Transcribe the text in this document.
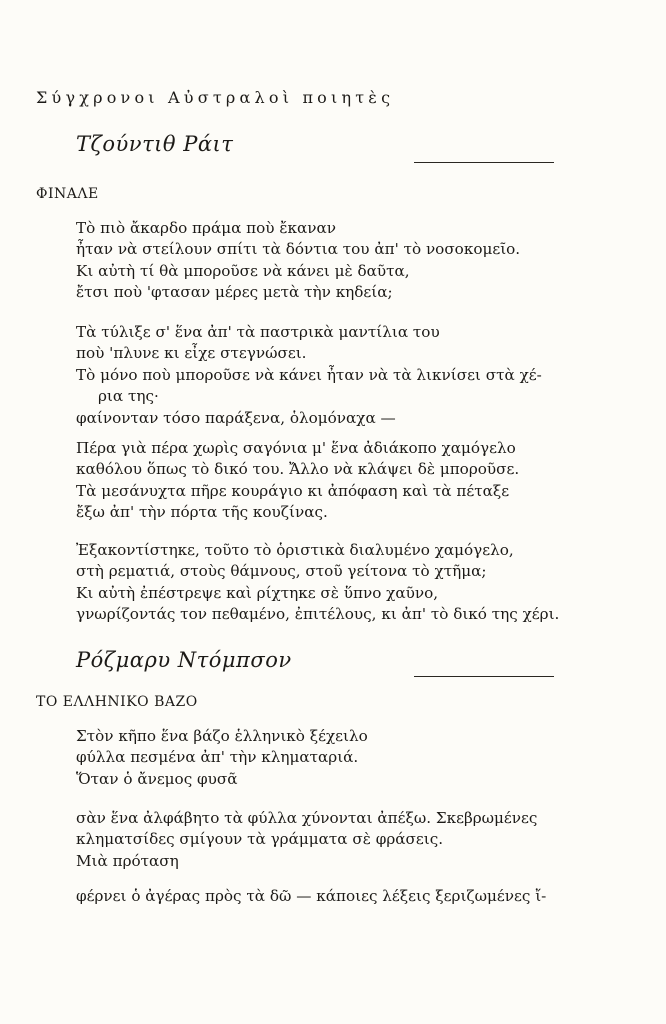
Σύγχρονοι Αὐστραλοὶ ποιητὲς
Τζούντιθ Ράιτ
ΦΙΝΑΛΕ
Τὸ πιὸ ἄκαρδο πράμα ποὺ ἔκαναν
ἦταν νὰ στείλουν σπίτι τὰ δόντια του ἀπ' τὸ νοσοκομεῖο.
Κι αὐτὴ τί θὰ μποροῦσε νὰ κάνει μὲ δαῦτα,
ἔτσι ποὺ 'φτασαν μέρες μετὰ τὴν κηδεία;
Τὰ τύλιξε σ' ἕνα ἀπ' τὰ παστρικὰ μαντίλια του
ποὺ 'πλυνε κι εἶχε στεγνώσει.
Τὸ μόνο ποὺ μποροῦσε νὰ κάνει ἦταν νὰ τὰ λικνίσει στὰ χέ-
ρια της·
φαίνονταν τόσο παράξενα, ὁλομόναχα —
Πέρα γιὰ πέρα χωρὶς σαγόνια μ' ἕνα ἀδιάκοπο χαμόγελο
καθόλου ὅπως τὸ δικό του. Ἄλλο νὰ κλάψει δὲ μποροῦσε.
Τὰ μεσάνυχτα πῆρε κουράγιο κι ἀπόφαση καὶ τὰ πέταξε
ἔξω ἀπ' τὴν πόρτα τῆς κουζίνας.
Ἐξακοντίστηκε, τοῦτο τὸ ὁριστικὰ διαλυμένο χαμόγελο,
στὴ ρεματιά, στοὺς θάμνους, στοῦ γείτονα τὸ χτῆμα;
Κι αὐτὴ ἐπέστρεψε καὶ ρίχτηκε σὲ ὕπνο χαῦνο,
γνωρίζοντάς τον πεθαμένο, ἐπιτέλους, κι ἀπ' τὸ δικό της χέρι.
Ρόζμαρυ Ντόμπσον
ΤΟ ΕΛΛΗΝΙΚΟ ΒΑΖΟ
Στὸν κῆπο ἕνα βάζο ἑλληνικὸ ξέχειλο
φύλλα πεσμένα ἀπ' τὴν κληματαριά.
Ὅταν ὁ ἄνεμος φυσᾶ
σὰν ἕνα ἀλφάβητο τὰ φύλλα χύνονται ἀπέξω. Σκεβρωμένες
κληματσίδες σμίγουν τὰ γράμματα σὲ φράσεις.
Μιὰ πρόταση
φέρνει ὁ ἀγέρας πρὸς τὰ δῶ — κάποιες λέξεις ξεριζωμένες ἴ-
